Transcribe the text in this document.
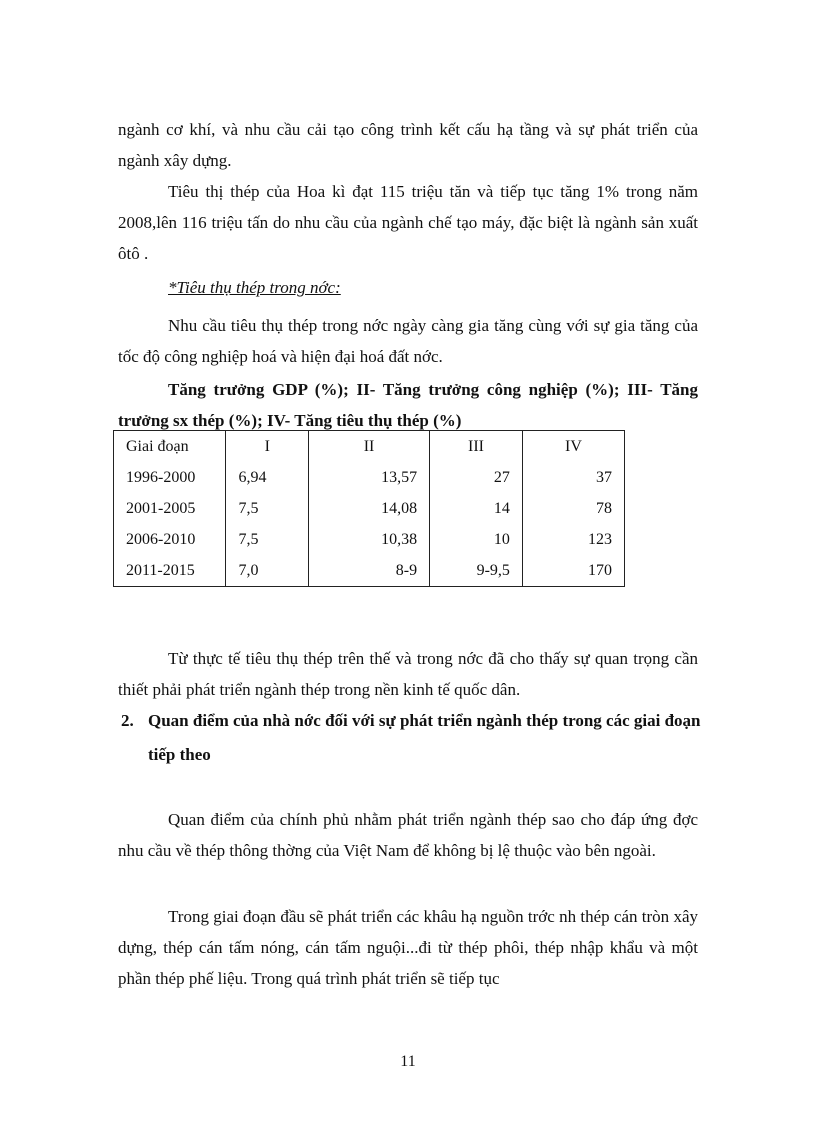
ngành cơ khí, và nhu cầu cải tạo công trình kết cấu hạ tầng và sự phát triển của ngành xây dựng.

Tiêu thị thép của Hoa kì đạt 115 triệu tăn và tiếp tục tăng 1% trong năm 2008,lên 116 triệu tấn do nhu cầu của ngành chế tạo máy, đặc biệt là ngành sản xuất ôtô .

*Tiêu thụ thép trong nớc:

Nhu cầu tiêu thụ thép trong nớc ngày càng gia tăng cùng với sự gia tăng của tốc độ công nghiệp hoá và hiện đại hoá đất nớc.

Tăng trưởng GDP (%); II- Tăng trưởng công nghiệp (%); III- Tăng trưởng sx thép (%); IV- Tăng tiêu thụ thép (%)

Giai đoạn	I	II	III	IV
1996-2000	6,94	13,57	27	37
2001-2005	7,5	14,08	14	78
2006-2010	7,5	10,38	10	123
2011-2015	7,0	8-9	9-9,5	170

Từ thực tế tiêu thụ thép trên thế và trong nớc đã cho thấy sự quan trọng cần thiết phải phát triển ngành thép trong nền kinh tế quốc dân.

2. Quan điểm của nhà nớc đối với sự phát triển ngành thép trong các giai đoạn tiếp theo

Quan điểm của chính phủ nhằm phát triển ngành thép sao cho đáp ứng đợc nhu cầu về thép thông thờng của Việt Nam để không bị lệ thuộc vào bên ngoài.

Trong giai đoạn đầu sẽ phát triển các khâu hạ nguồn trớc nh thép cán tròn xây dựng, thép cán tấm nóng, cán tấm nguội...đi từ thép phôi, thép nhập khẩu và một phần thép phế liệu. Trong quá trình phát triển sẽ tiếp tục

11
